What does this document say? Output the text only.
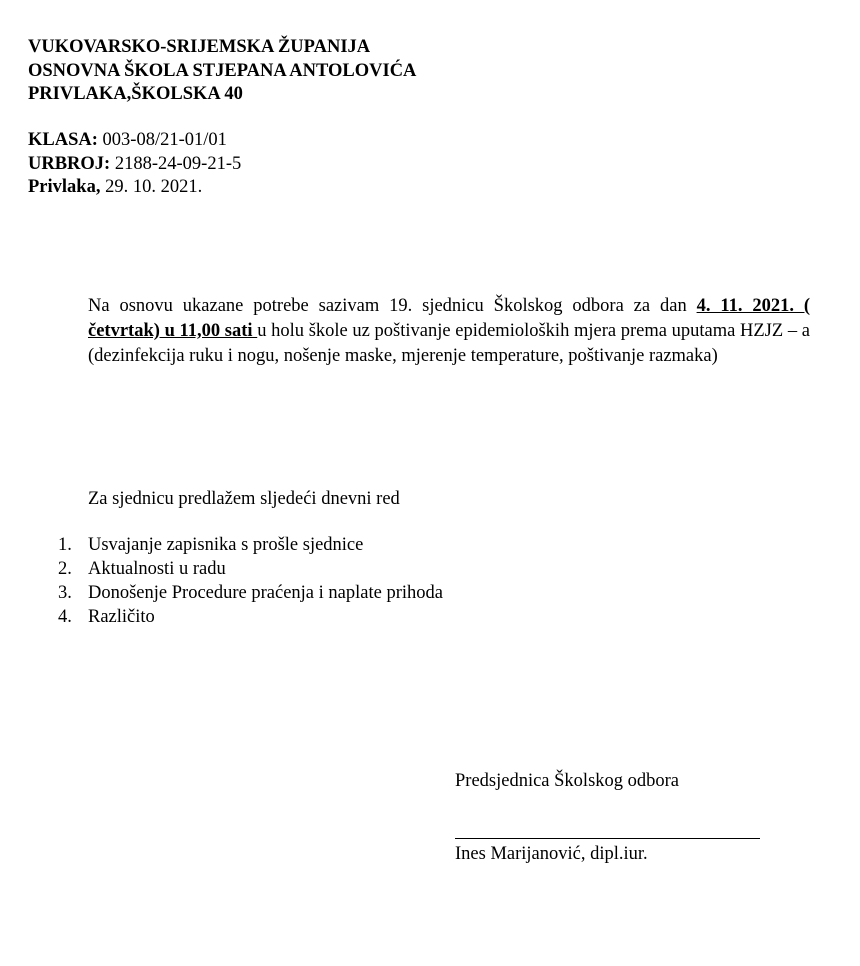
VUKOVARSKO-SRIJEMSKA ŽUPANIJA
OSNOVNA ŠKOLA STJEPANA ANTOLOVIĆA
PRIVLAKA,ŠKOLSKA 40
KLASA: 003-08/21-01/01
URBROJ: 2188-24-09-21-5
Privlaka, 29. 10. 2021.
Na osnovu ukazane potrebe sazivam 19. sjednicu Školskog odbora za dan 4. 11. 2021. ( četvrtak) u 11,00 sati u holu škole uz poštivanje epidemioloških mjera prema uputama HZJZ – a (dezinfekcija ruku i nogu, nošenje maske, mjerenje temperature, poštivanje razmaka)
Za sjednicu predlažem sljedeći dnevni red
1. Usvajanje zapisnika s prošle sjednice
2. Aktualnosti u radu
3. Donošenje Procedure praćenja i naplate prihoda
4. Različito
Predsjednica Školskog odbora
Ines Marijanović, dipl.iur.
